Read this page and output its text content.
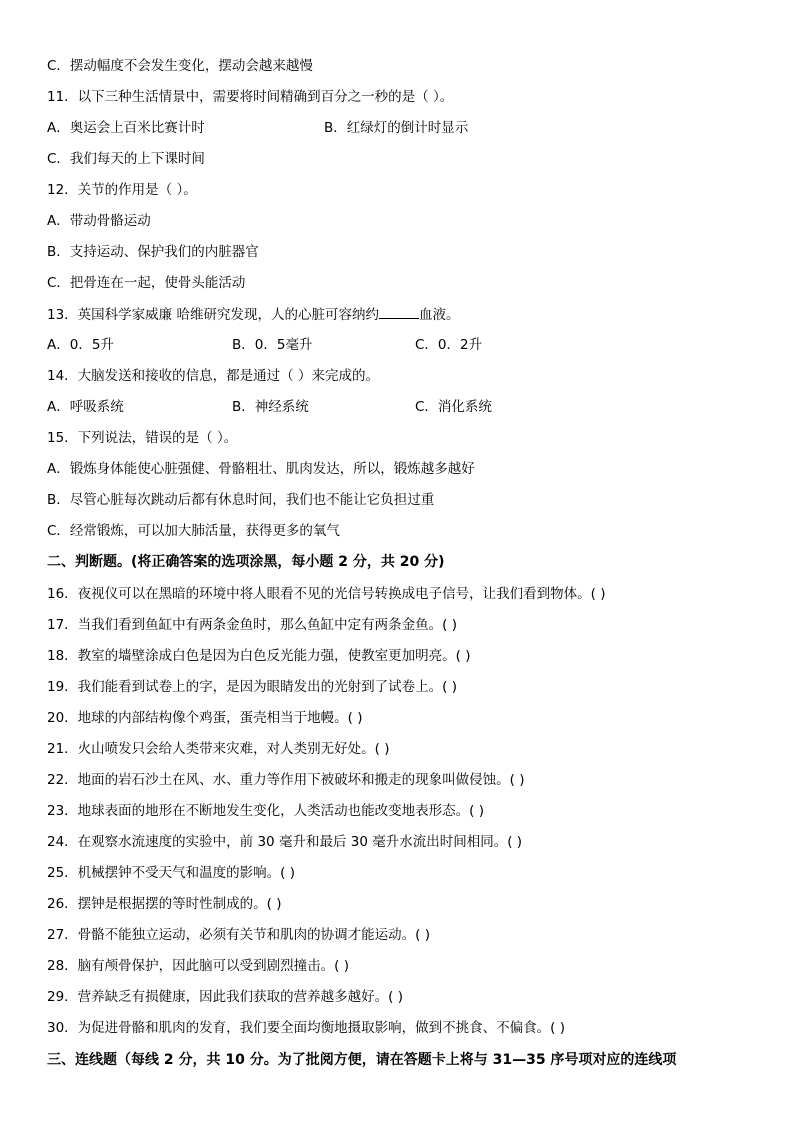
C．摆动幅度不会发生变化，摆动会越来越慢
11．以下三种生活情景中，需要将时间精确到百分之一秒的是（ ）。
A．奥运会上百米比赛计时	B．红绿灯的倒计时显示
C．我们每天的上下课时间
12．关节的作用是（ ）。
A．带动骨骼运动
B．支持运动、保护我们的内脏器官
C．把骨连在一起，使骨头能活动
13．英国科学家威廉 哈维研究发现，人的心脏可容纳约	血液。
A．0．5升	B．0．5毫升	C．0．2升
14．大脑发送和接收的信息，都是通过（ ）来完成的。
A．呼吸系统	B．神经系统	C．消化系统
15．下列说法，错误的是（ ）。
A．锻炼身体能使心脏强健、骨骼粗壮、肌肉发达，所以，锻炼越多越好
B．尽管心脏每次跳动后都有休息时间，我们也不能让它负担过重
C．经常锻炼，可以加大肺活量，获得更多的氧气
二、判断题。(将正确答案的选项涂黑，每小题 2 分，共 20 分)
16．夜视仪可以在黑暗的环境中将人眼看不见的光信号转换成电子信号，让我们看到物体。( )
17．当我们看到鱼缸中有两条金鱼时，那么鱼缸中定有两条金鱼。( )
18．教室的墙壁涂成白色是因为白色反光能力强，使教室更加明亮。( )
19．我们能看到试卷上的字，是因为眼睛发出的光射到了试卷上。( )
20．地球的内部结构像个鸡蛋，蛋壳相当于地幔。( )
21．火山喷发只会给人类带来灾难，对人类别无好处。( )
22．地面的岩石沙土在风、水、重力等作用下被破坏和搬走的现象叫做侵蚀。( )
23．地球表面的地形在不断地发生变化，人类活动也能改变地表形态。( )
24．在观察水流速度的实验中，前 30 毫升和最后 30 毫升水流出时间相同。( )
25．机械摆钟不受天气和温度的影响。( )
26．摆钟是根据摆的等时性制成的。( )
27．骨骼不能独立运动，必须有关节和肌肉的协调才能运动。( )
28．脑有颅骨保护，因此脑可以受到剧烈撞击。( )
29．营养缺乏有损健康，因此我们获取的营养越多越好。( )
30．为促进骨骼和肌肉的发育，我们要全面均衡地摄取影响，做到不挑食、不偏食。( )
三、连线题（每线 2 分，共 10 分。为了批阅方便，请在答题卡上将与 31—35 序号项对应的连线项
